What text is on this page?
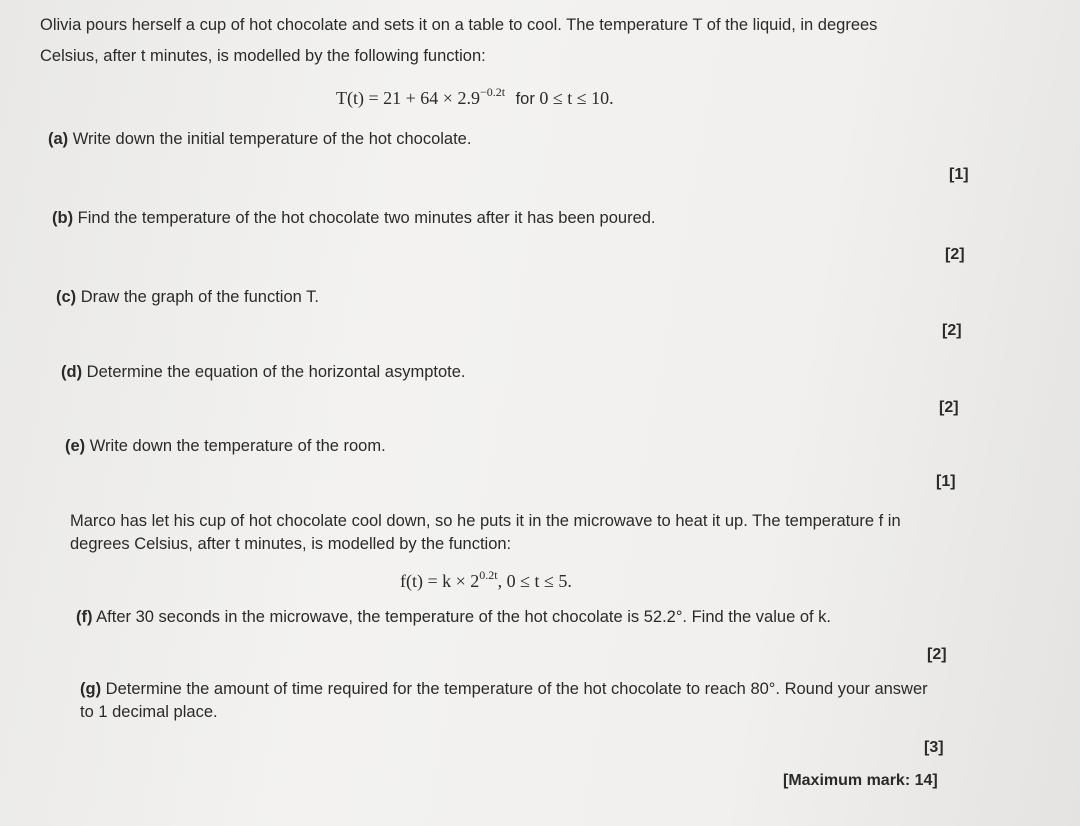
Olivia pours herself a cup of hot chocolate and sets it on a table to cool. The temperature T of the liquid, in degrees
Celsius, after t minutes, is modelled by the following function:
$T(t) = 21 + 64 \times 2.9^{-0.2t}$ for 0 ≤ t ≤ 10.
(a) Write down the initial temperature of the hot chocolate.
[1]
(b) Find the temperature of the hot chocolate two minutes after it has been poured.
[2]
(c) Draw the graph of the function T.
[2]
(d) Determine the equation of the horizontal asymptote.
[2]
(e) Write down the temperature of the room.
[1]
Marco has let his cup of hot chocolate cool down, so he puts it in the microwave to heat it up. The temperature f in
degrees Celsius, after t minutes, is modelled by the function:
$f(t) = k \times 2^{0.2t}$, 0 ≤ t ≤ 5.
(f) After 30 seconds in the microwave, the temperature of the hot chocolate is 52.2°. Find the value of k.
[2]
(g) Determine the amount of time required for the temperature of the hot chocolate to reach 80°. Round your answer
to 1 decimal place.
[3]
[Maximum mark: 14]
